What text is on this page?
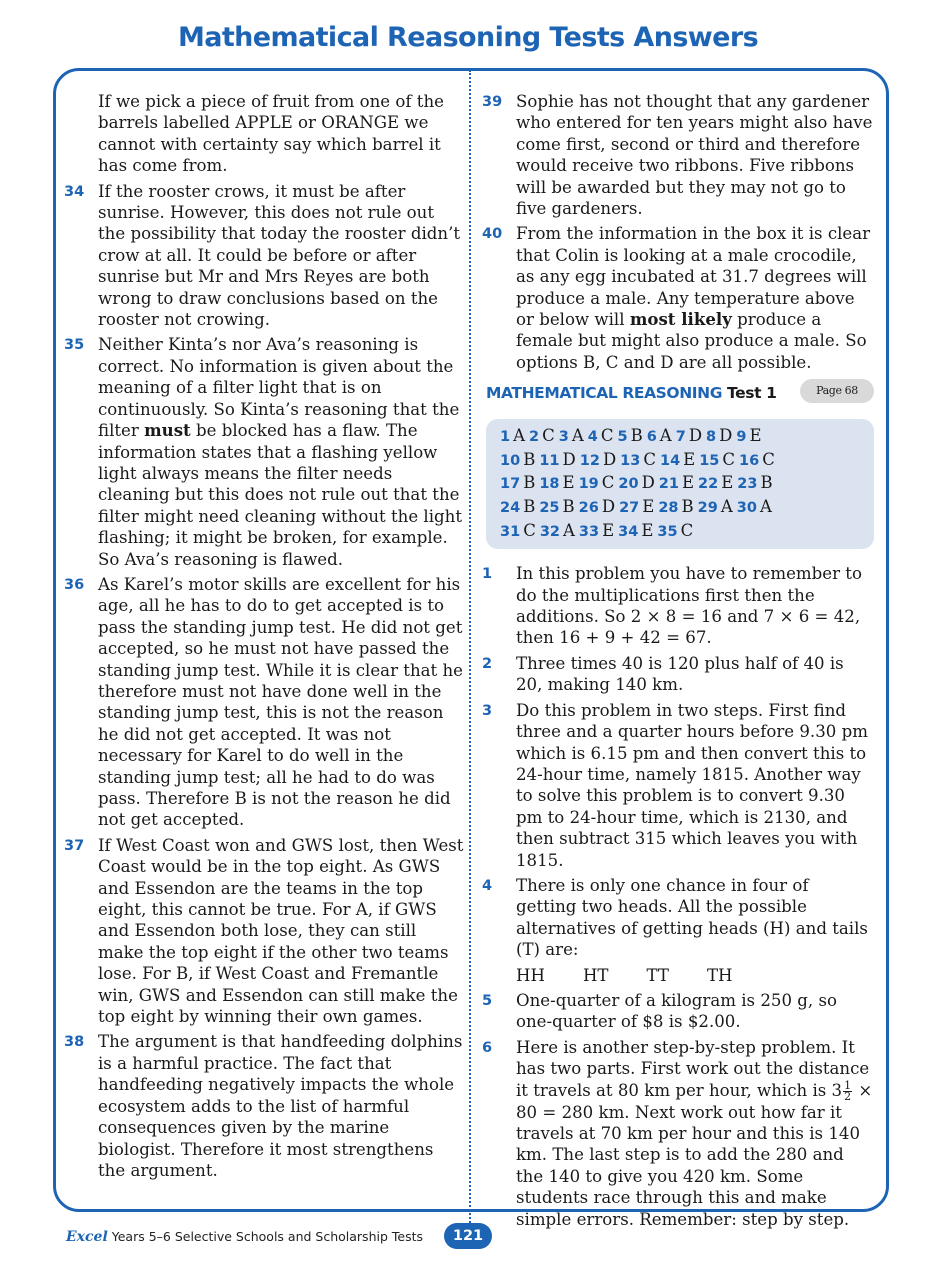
Mathematical Reasoning Tests Answers
If we pick a piece of fruit from one of the barrels labelled APPLE or ORANGE we cannot with certainty say which barrel it has come from.
34 If the rooster crows, it must be after sunrise. However, this does not rule out the possibility that today the rooster didn’t crow at all. It could be before or after sunrise but Mr and Mrs Reyes are both wrong to draw conclusions based on the rooster not crowing.
35 Neither Kinta’s nor Ava’s reasoning is correct. No information is given about the meaning of a filter light that is on continuously. So Kinta’s reasoning that the filter must be blocked has a flaw. The information states that a flashing yellow light always means the filter needs cleaning but this does not rule out that the filter might need cleaning without the light flashing; it might be broken, for example. So Ava’s reasoning is flawed.
36 As Karel’s motor skills are excellent for his age, all he has to do to get accepted is to pass the standing jump test. He did not get accepted, so he must not have passed the standing jump test. While it is clear that he therefore must not have done well in the standing jump test, this is not the reason he did not get accepted. It was not necessary for Karel to do well in the standing jump test; all he had to do was pass. Therefore B is not the reason he did not get accepted.
37 If West Coast won and GWS lost, then West Coast would be in the top eight. As GWS and Essendon are the teams in the top eight, this cannot be true. For A, if GWS and Essendon both lose, they can still make the top eight if the other two teams lose. For B, if West Coast and Fremantle win, GWS and Essendon can still make the top eight by winning their own games.
38 The argument is that handfeeding dolphins is a harmful practice. The fact that handfeeding negatively impacts the whole ecosystem adds to the list of harmful consequences given by the marine biologist. Therefore it most strengthens the argument.
39 Sophie has not thought that any gardener who entered for ten years might also have come first, second or third and therefore would receive two ribbons. Five ribbons will be awarded but they may not go to five gardeners.
40 From the information in the box it is clear that Colin is looking at a male crocodile, as any egg incubated at 31.7 degrees will produce a male. Any temperature above or below will most likely produce a female but might also produce a male. So options B, C and D are all possible.
MATHEMATICAL REASONING Test 1	Page 68
1 A 2 C 3 A 4 C 5 B 6 A 7 D 8 D 9 E
10 B 11 D 12 D 13 C 14 E 15 C 16 C
17 B 18 E 19 C 20 D 21 E 22 E 23 B
24 B 25 B 26 D 27 E 28 B 29 A 30 A
31 C 32 A 33 E 34 E 35 C
1 In this problem you have to remember to do the multiplications first then the additions. So 2 × 8 = 16 and 7 × 6 = 42, then 16 + 9 + 42 = 67.
2 Three times 40 is 120 plus half of 40 is 20, making 140 km.
3 Do this problem in two steps. First find three and a quarter hours before 9.30 pm which is 6.15 pm and then convert this to 24-hour time, namely 1815. Another way to solve this problem is to convert 9.30 pm to 24-hour time, which is 2130, and then subtract 315 which leaves you with 1815.
4 There is only one chance in four of getting two heads. All the possible alternatives of getting heads (H) and tails (T) are:
HH HT TT TH
5 One-quarter of a kilogram is 250 g, so one-quarter of $8 is $2.00.
6 Here is another step-by-step problem. It has two parts. First work out the distance it travels at 80 km per hour, which is $3 \frac{1}{2} \times 80 = 280$ km. Next work out how far it travels at 70 km per hour and this is 140 km. The last step is to add the 280 and the 140 to give you 420 km. Some students race through this and make simple errors. Remember: step by step.
Excel Years 5–6 Selective Schools and Scholarship Tests	121
